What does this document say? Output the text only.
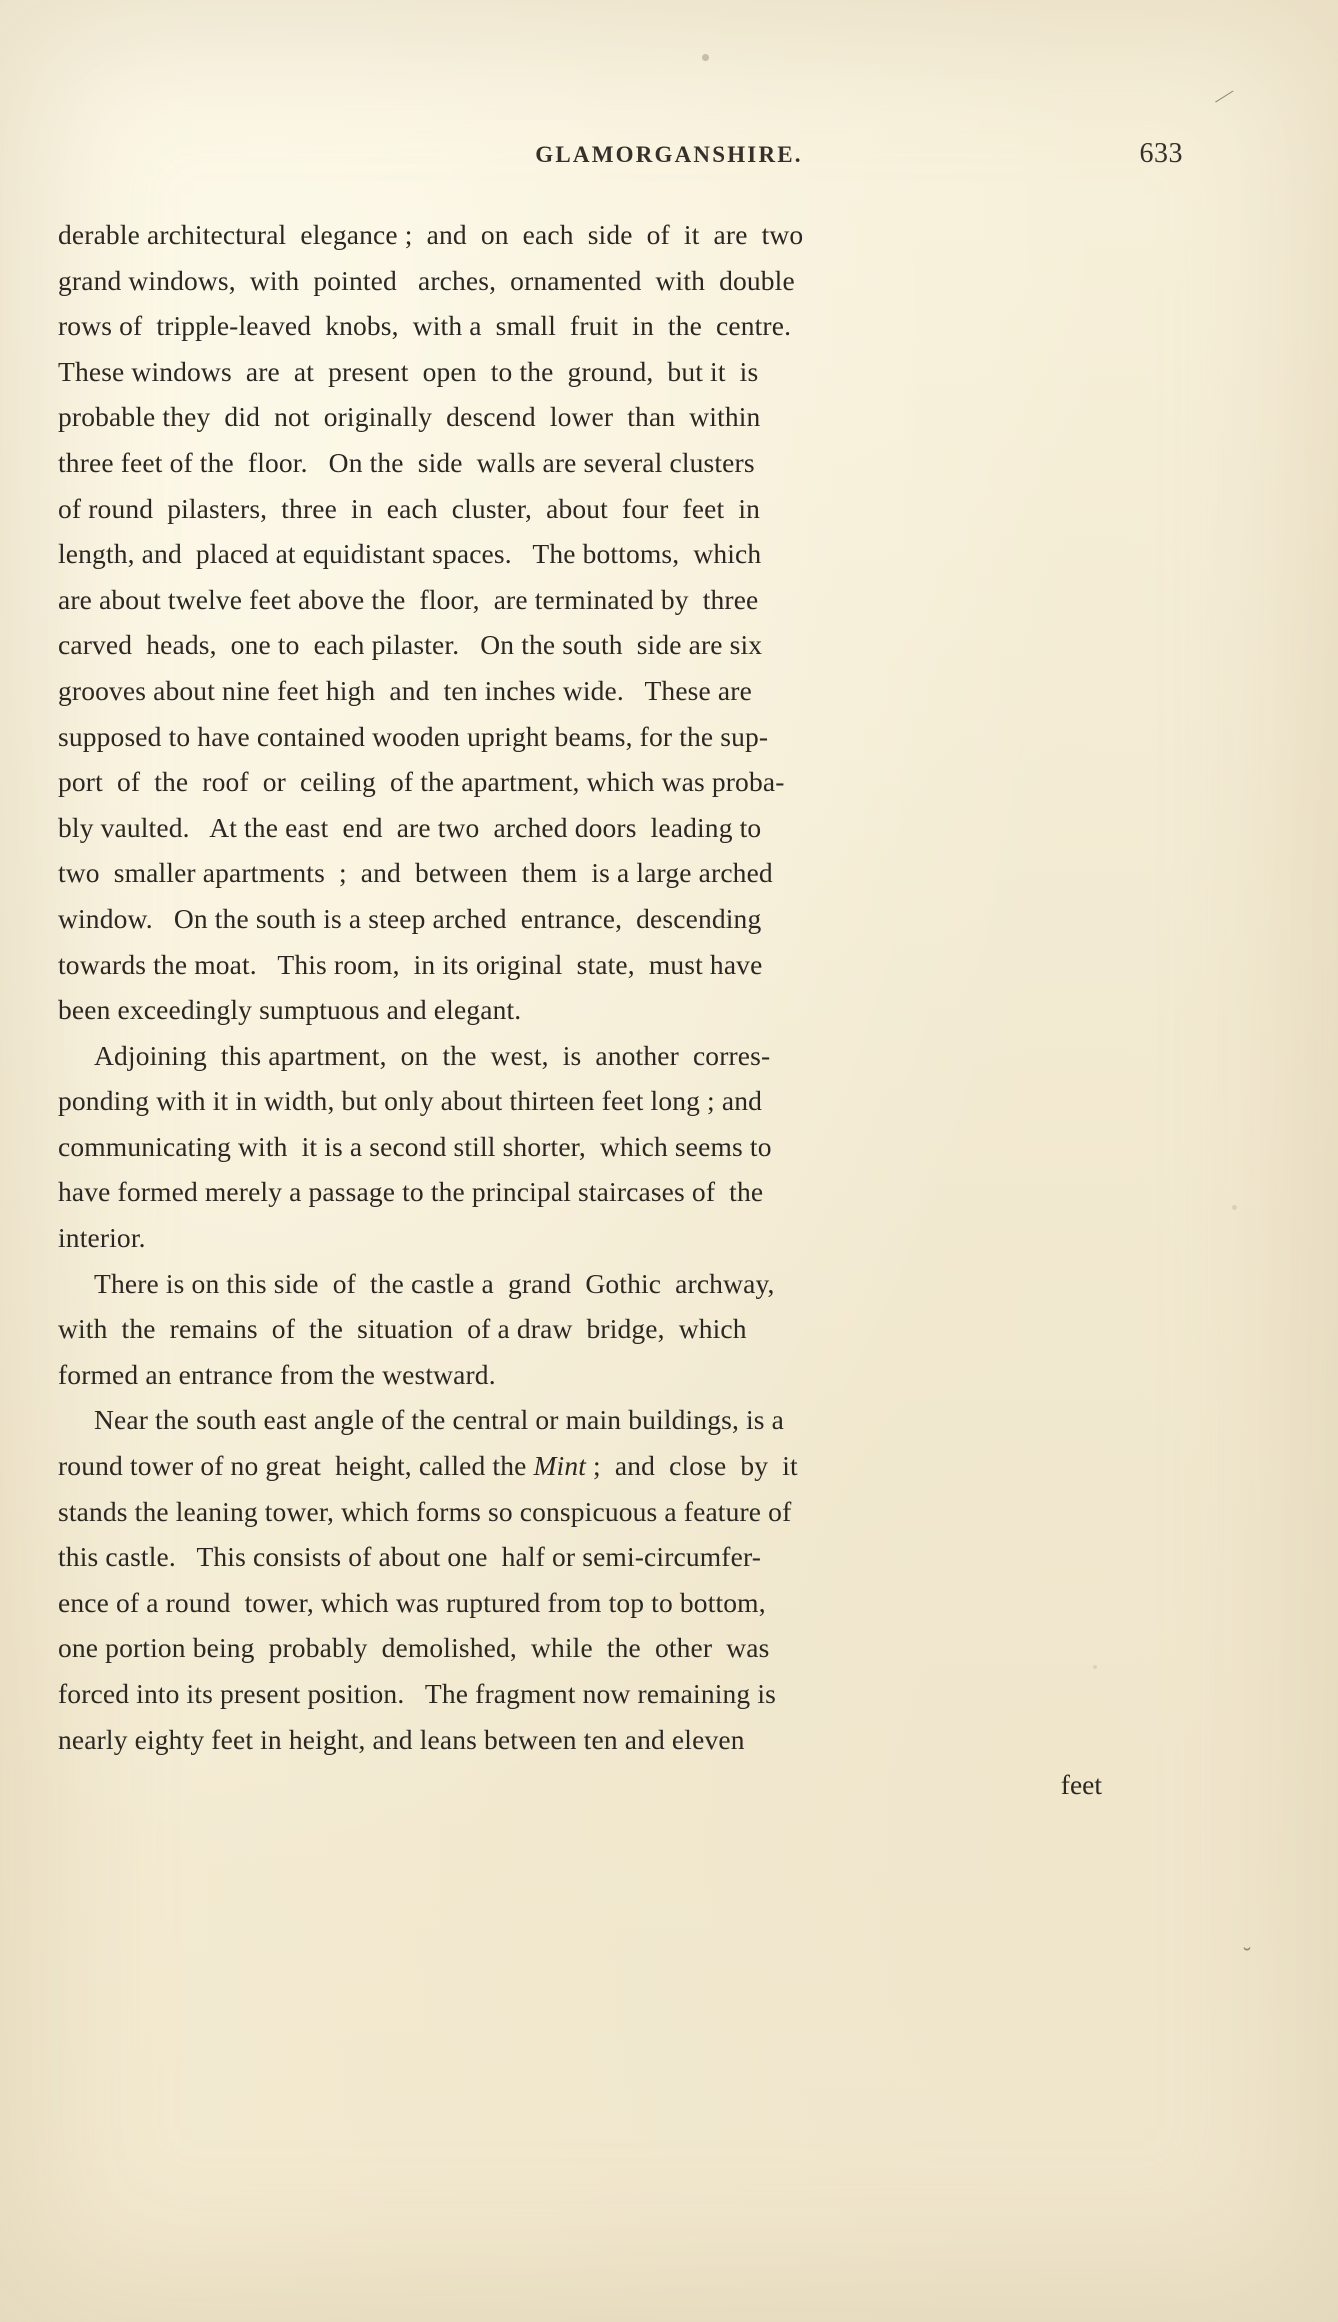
GLAMORGANSHIRE.	633
derable architectural  elegance ;  and  on  each  side  of  it  are  two
grand windows,  with  pointed   arches,  ornamented  with  double
rows of  tripple-leaved  knobs,  with a  small  fruit  in  the  centre.
These windows  are  at  present  open  to the  ground,  but it  is
probable they  did  not  originally  descend  lower  than  within
three feet of the  floor.   On the  side  walls are several clusters
of round  pilasters,  three  in  each  cluster,  about  four  feet  in
length, and  placed at equidistant spaces.   The bottoms,  which
are about twelve feet above the  floor,  are terminated by  three
carved  heads,  one to  each pilaster.   On the south  side are six
grooves about nine feet high  and  ten inches wide.   These are
supposed to have contained wooden upright beams, for the sup-
port  of  the  roof  or  ceiling  of the apartment, which was proba-
bly vaulted.   At the east  end  are two  arched doors  leading to
two  smaller apartments  ;  and  between  them  is a large arched
window.   On the south is a steep arched  entrance,  descending
towards the moat.   This room,  in its original  state,  must have
been exceedingly sumptuous and elegant.
Adjoining  this apartment,  on  the  west,  is  another  corres-
ponding with it in width, but only about thirteen feet long ; and
communicating with  it is a second still shorter,  which seems to
have formed merely a passage to the principal staircases of  the
interior.
There is on this side  of  the castle a  grand  Gothic  archway,
with  the  remains  of  the  situation  of a draw  bridge,  which
formed an entrance from the westward.
Near the south east angle of the central or main buildings, is a
round tower of no great  height, called the Mint ;  and  close  by  it
stands the leaning tower, which forms so conspicuous a feature of
this castle.   This consists of about one  half or semi-circumfer-
ence of a round  tower, which was ruptured from top to bottom,
one portion being  probably  demolished,  while  the  other  was
forced into its present position.   The fragment now remaining is
nearly eighty feet in height, and leans between ten and eleven
feet
⁄
˘
